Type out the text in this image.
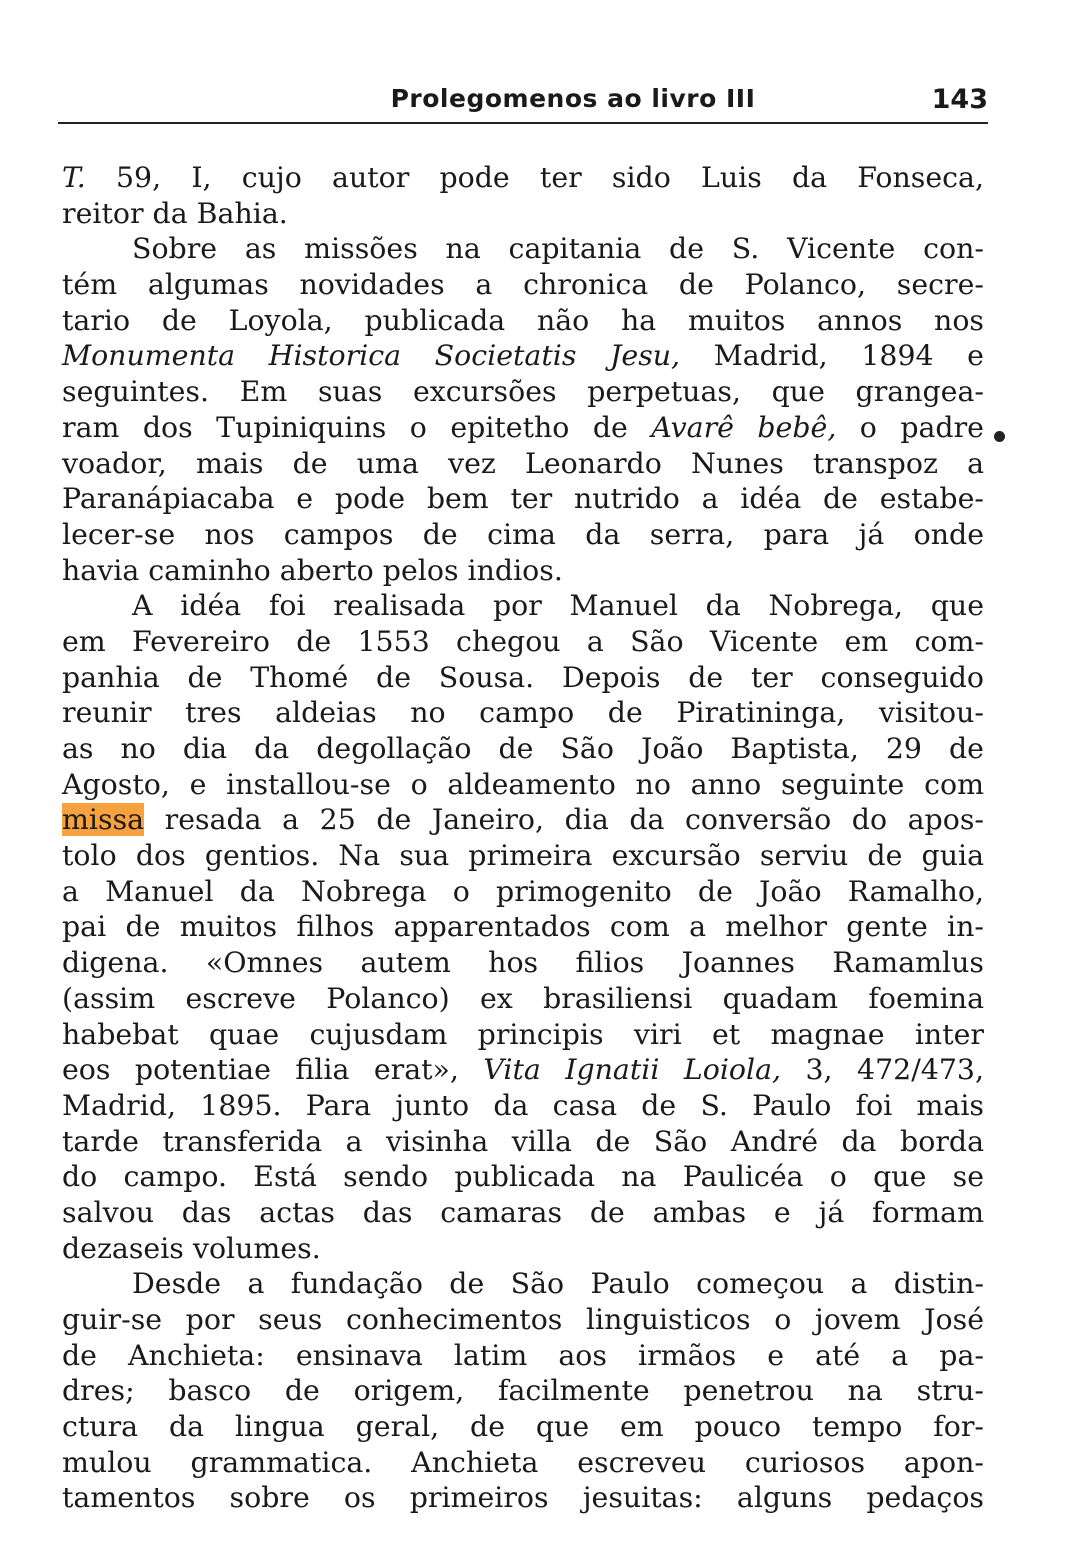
Prolegomenos ao livro III	143
T. 59, I, cujo autor pode ter sido Luis da Fonseca,
reitor da Bahia.
Sobre as missões na capitania de S. Vicente con-
tém algumas novidades a chronica de Polanco, secre-
tario de Loyola, publicada não ha muitos annos nos
Monumenta Historica Societatis Jesu, Madrid, 1894 e
seguintes. Em suas excursões perpetuas, que grangea-
ram dos Tupiniquins o epitetho de Avarê bebê, o padre
voador, mais de uma vez Leonardo Nunes transpoz a
Paranápiacaba e pode bem ter nutrido a idéa de estabe-
lecer-se nos campos de cima da serra, para já onde
havia caminho aberto pelos indios.
A idéa foi realisada por Manuel da Nobrega, que
em Fevereiro de 1553 chegou a São Vicente em com-
panhia de Thomé de Sousa. Depois de ter conseguido
reunir tres aldeias no campo de Piratininga, visitou-
as no dia da degollação de São João Baptista, 29 de
Agosto, e installou-se o aldeamento no anno seguinte com
missa resada a 25 de Janeiro, dia da conversão do apos-
tolo dos gentios. Na sua primeira excursão serviu de guia
a Manuel da Nobrega o primogenito de João Ramalho,
pai de muitos filhos apparentados com a melhor gente in-
digena. «Omnes autem hos filios Joannes Ramamlus
(assim escreve Polanco) ex brasiliensi quadam foemina
habebat quae cujusdam principis viri et magnae inter
eos potentiae filia erat», Vita Ignatii Loiola, 3, 472/473,
Madrid, 1895. Para junto da casa de S. Paulo foi mais
tarde transferida a visinha villa de São André da borda
do campo. Está sendo publicada na Paulicéa o que se
salvou das actas das camaras de ambas e já formam
dezaseis volumes.
Desde a fundação de São Paulo começou a distin-
guir-se por seus conhecimentos linguisticos o jovem José
de Anchieta: ensinava latim aos irmãos e até a pa-
dres; basco de origem, facilmente penetrou na stru-
ctura da lingua geral, de que em pouco tempo for-
mulou grammatica. Anchieta escreveu curiosos apon-
tamentos sobre os primeiros jesuitas: alguns pedaços
